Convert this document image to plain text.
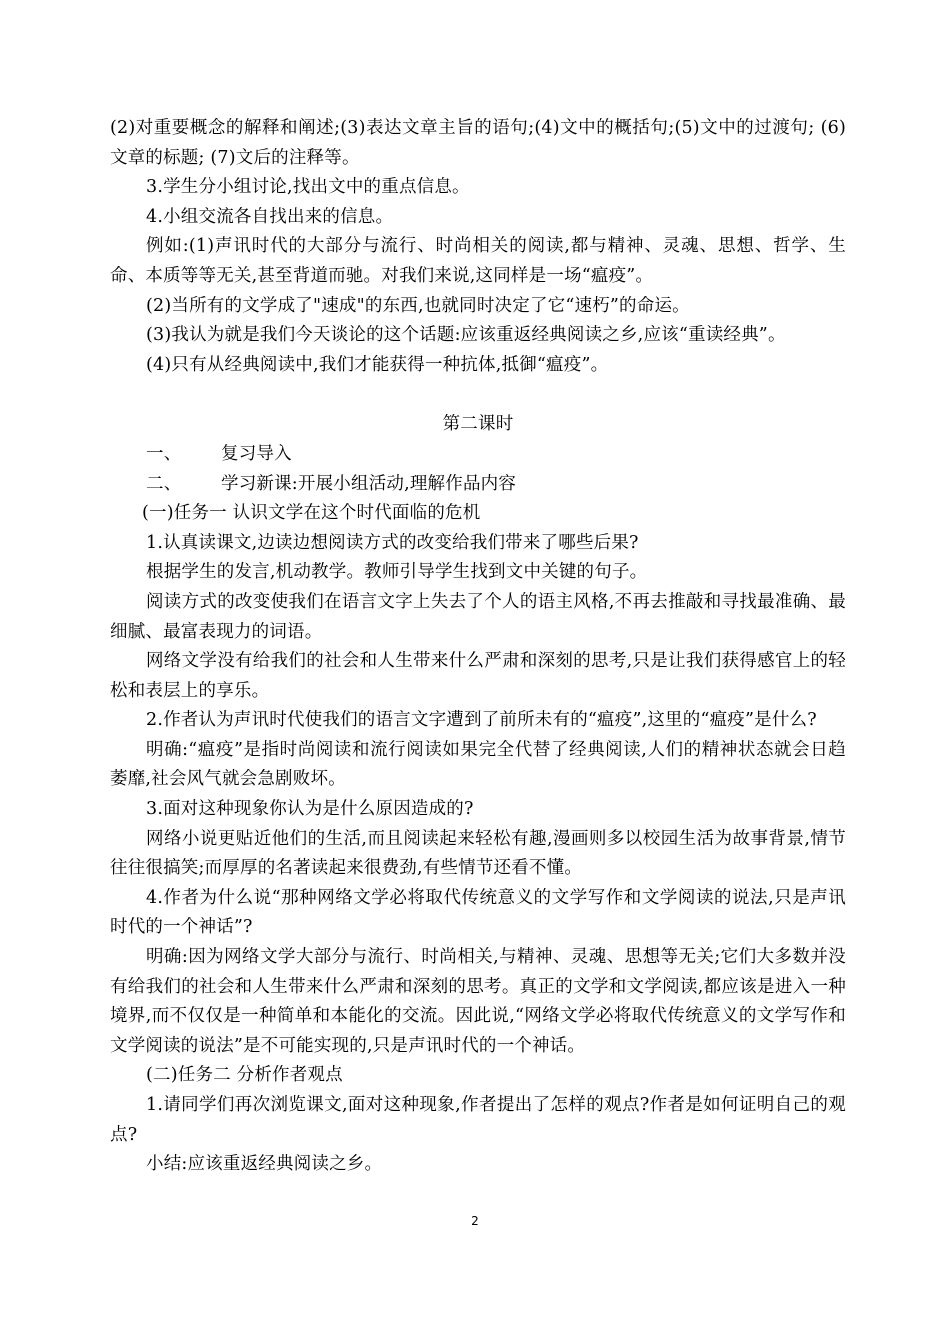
(2)对重要概念的解释和阐述;(3)表达文章主旨的语句;(4)文中的概括句;(5)文中的过渡句; (6)文章的标题; (7)文后的注释等。

3.学生分小组讨论,找出文中的重点信息。

4.小组交流各自找出来的信息。

例如:(1)声讯时代的大部分与流行、时尚相关的阅读,都与精神、灵魂、思想、哲学、生命、本质等等无关,甚至背道而驰。对我们来说,这同样是一场“瘟疫”。

(2)当所有的文学成了"速成"的东西,也就同时决定了它“速朽”的命运。

(3)我认为就是我们今天谈论的这个话题:应该重返经典阅读之乡,应该“重读经典”。

(4)只有从经典阅读中,我们才能获得一种抗体,抵御“瘟疫”。

第二课时

一、	复习导入
二、	学习新课:开展小组活动,理解作品内容

(一)任务一 认识文学在这个时代面临的危机

1.认真读课文,边读边想阅读方式的改变给我们带来了哪些后果?

根据学生的发言,机动教学。教师引导学生找到文中关键的句子。

阅读方式的改变使我们在语言文字上失去了个人的语主风格,不再去推敲和寻找最准确、最细腻、最富表现力的词语。

网络文学没有给我们的社会和人生带来什么严肃和深刻的思考,只是让我们获得感官上的轻松和表层上的享乐。

2.作者认为声讯时代使我们的语言文字遭到了前所未有的“瘟疫”,这里的“瘟疫”是什么?

明确:“瘟疫”是指时尚阅读和流行阅读如果完全代替了经典阅读,人们的精神状态就会日趋萎靡,社会风气就会急剧败坏。

3.面对这种现象你认为是什么原因造成的?

网络小说更贴近他们的生活,而且阅读起来轻松有趣,漫画则多以校园生活为故事背景,情节往往很搞笑;而厚厚的名著读起来很费劲,有些情节还看不懂。

4.作者为什么说“那种网络文学必将取代传统意义的文学写作和文学阅读的说法,只是声讯时代的一个神话”?

明确:因为网络文学大部分与流行、时尚相关,与精神、灵魂、思想等无关;它们大多数并没有给我们的社会和人生带来什么严肃和深刻的思考。真正的文学和文学阅读,都应该是进入一种境界,而不仅仅是一种简单和本能化的交流。因此说,“网络文学必将取代传统意义的文学写作和文学阅读的说法”是不可能实现的,只是声讯时代的一个神话。

(二)任务二 分析作者观点

1.请同学们再次浏览课文,面对这种现象,作者提出了怎样的观点?作者是如何证明自己的观点?

小结:应该重返经典阅读之乡。

2
